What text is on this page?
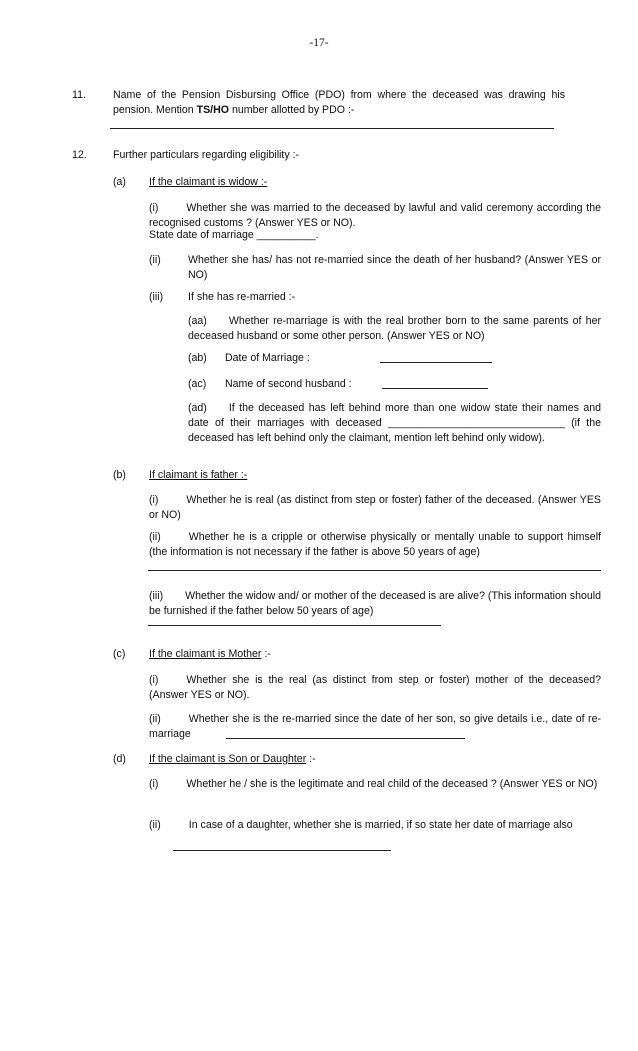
-17-
11.	Name of the Pension Disbursing Office (PDO) from where the deceased was drawing his pension. Mention TS/HO number allotted by PDO :-
12. Further particulars regarding eligibility :-
(a) If the claimant is widow :-
(i)	Whether she was married to the deceased by lawful and valid ceremony according the recognised customs ? (Answer YES or NO).
State date of marriage __________.
(ii)	Whether she has/ has not re-married since the death of her husband? (Answer YES or NO)
(iii) If she has re-married :-
(aa) Whether re-marriage is with the real brother born to the same parents of her deceased husband or some other person. (Answer YES or NO)
(ab) Date of Marriage :
(ac) Name of second husband :
(ad) If the deceased has left behind more than one widow state their names and date of their marriages with deceased ______________________________ (if the deceased has left behind only the claimant, mention left behind only widow).
(b) If claimant is father :-
(i)	Whether he is real (as distinct from step or foster) father of the deceased. (Answer YES or NO)
(ii)	Whether he is a cripple or otherwise physically or mentally unable to support himself (the information is not necessary if the father is above 50 years of age)
(iii) Whether the widow and/ or mother of the deceased is are alive? (This information should be furnished if the father below 50 years of age)
(c) If the claimant is Mother :-
(i)	Whether she is the real (as distinct from step or foster) mother of the deceased? (Answer YES or NO).
(ii)	Whether she is the re-married since the date of her son, so give details i.e., date of re-marriage
(d) If the claimant is Son or Daughter :-
(i)	Whether he / she is the legitimate and real child of the deceased ? (Answer YES or NO)
(ii)	In case of a daughter, whether she is married, if so state her date of marriage also
